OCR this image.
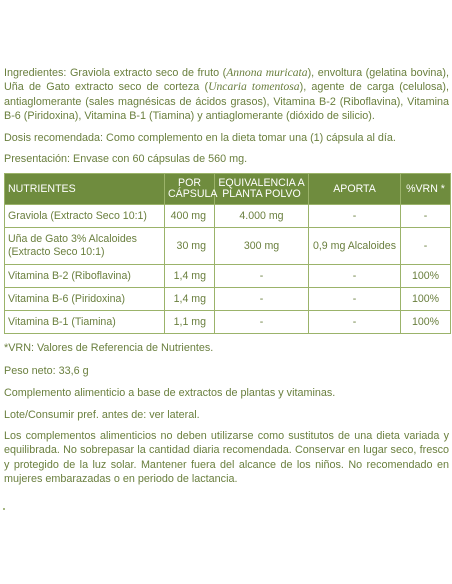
Ingredientes: Graviola extracto seco de fruto (Annona muricata), envoltura (gelatina bovina), Uña de Gato extracto seco de corteza (Uncaria tomentosa), agente de carga (celulosa), antiaglomerante (sales magnésicas de ácidos grasos), Vitamina B-2 (Riboflavina), Vitamina B-6 (Piridoxina), Vitamina B-1 (Tiamina) y antiaglomerante (dióxido de silicio).

Dosis recomendada: Como complemento en la dieta tomar una (1) cápsula al día.

Presentación: Envase con 60 cápsulas de 560 mg.

NUTRIENTES	POR CÁPSULA	EQUIVALENCIA A PLANTA POLVO	APORTA	%VRN *
Graviola (Extracto Seco 10:1)	400 mg	4.000 mg	-	-
Uña de Gato 3% Alcaloides (Extracto Seco 10:1)	30 mg	300 mg	0,9 mg Alcaloides	-
Vitamina B-2 (Riboflavina)	1,4 mg	-	-	100%
Vitamina B-6 (Piridoxina)	1,4 mg	-	-	100%
Vitamina B-1 (Tiamina)	1,1 mg	-	-	100%

*VRN: Valores de Referencia de Nutrientes.

Peso neto: 33,6 g

Complemento alimenticio a base de extractos de plantas y vitaminas.

Lote/Consumir pref. antes de: ver lateral.

Los complementos alimenticios no deben utilizarse como sustitutos de una dieta variada y equilibrada. No sobrepasar la cantidad diaria recomendada. Conservar en lugar seco, fresco y protegido de la luz solar. Mantener fuera del alcance de los niños. No recomendado en mujeres embarazadas o en periodo de lactancia.
